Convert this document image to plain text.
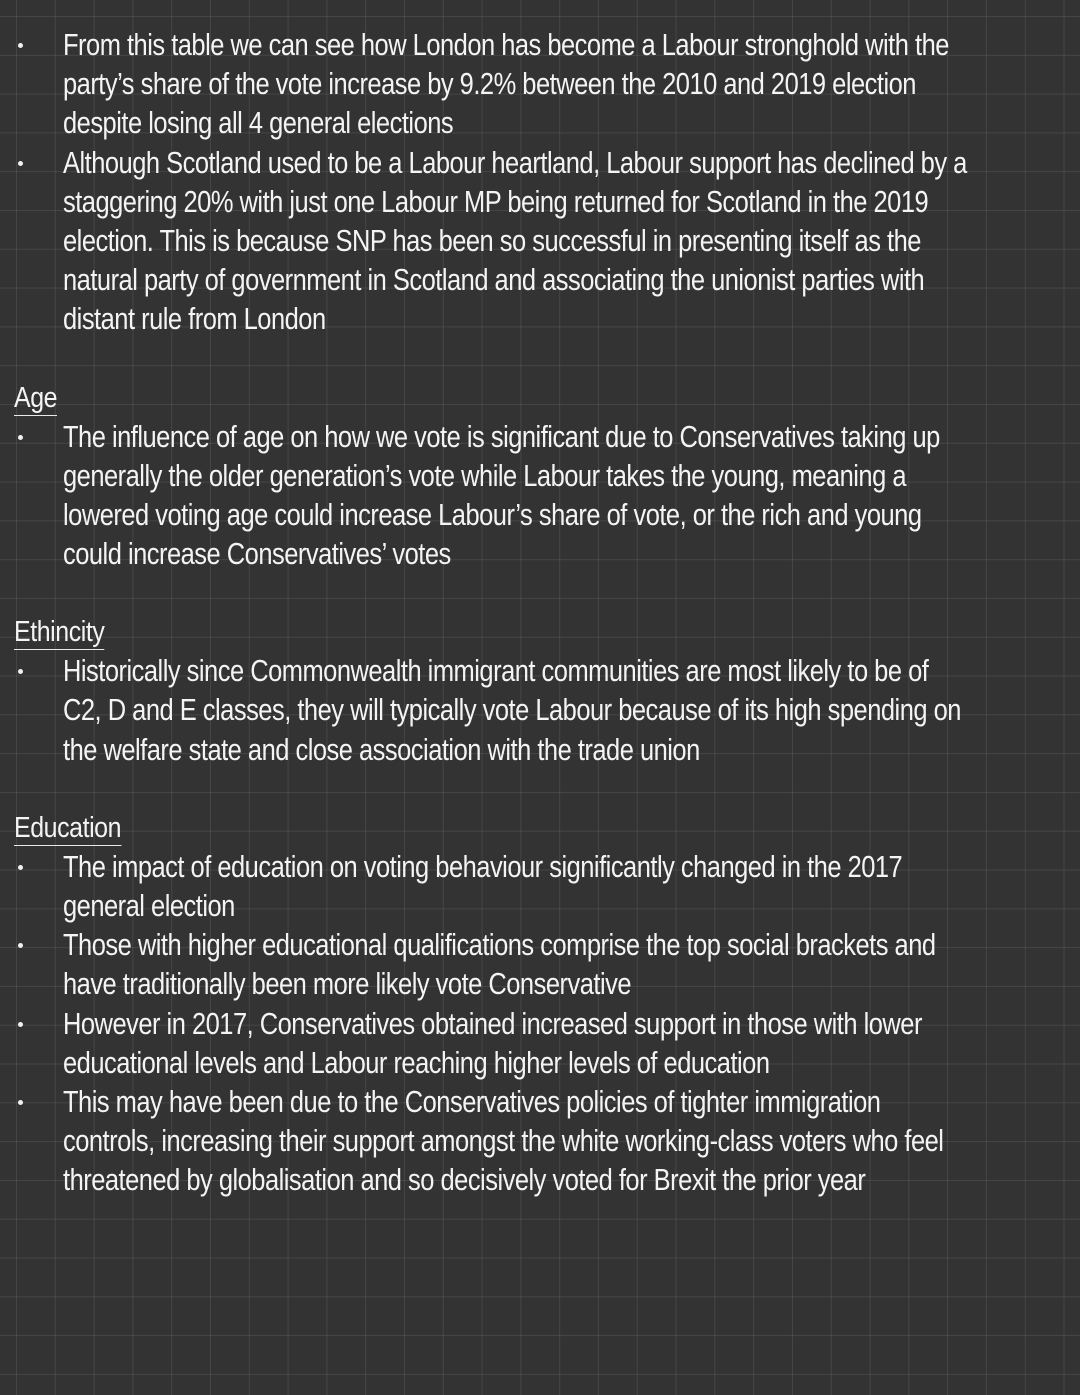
From this table we can see how London has become a Labour stronghold with the
party’s share of the vote increase by 9.2% between the 2010 and 2019 election
despite losing all 4 general elections
Although Scotland used to be a Labour heartland, Labour support has declined by a
staggering 20% with just one Labour MP being returned for Scotland in the 2019
election. This is because SNP has been so successful in presenting itself as the
natural party of government in Scotland and associating the unionist parties with
distant rule from London
Age
The influence of age on how we vote is significant due to Conservatives taking up
generally the older generation’s vote while Labour takes the young, meaning a
lowered voting age could increase Labour’s share of vote, or the rich and young
could increase Conservatives’ votes
Ethincity
Historically since Commonwealth immigrant communities are most likely to be of
C2, D and E classes, they will typically vote Labour because of its high spending on
the welfare state and close association with the trade union
Education
The impact of education on voting behaviour significantly changed in the 2017
general election
Those with higher educational qualifications comprise the top social brackets and
have traditionally been more likely vote Conservative
However in 2017, Conservatives obtained increased support in those with lower
educational levels and Labour reaching higher levels of education
This may have been due to the Conservatives policies of tighter immigration
controls, increasing their support amongst the white working-class voters who feel
threatened by globalisation and so decisively voted for Brexit the prior year
